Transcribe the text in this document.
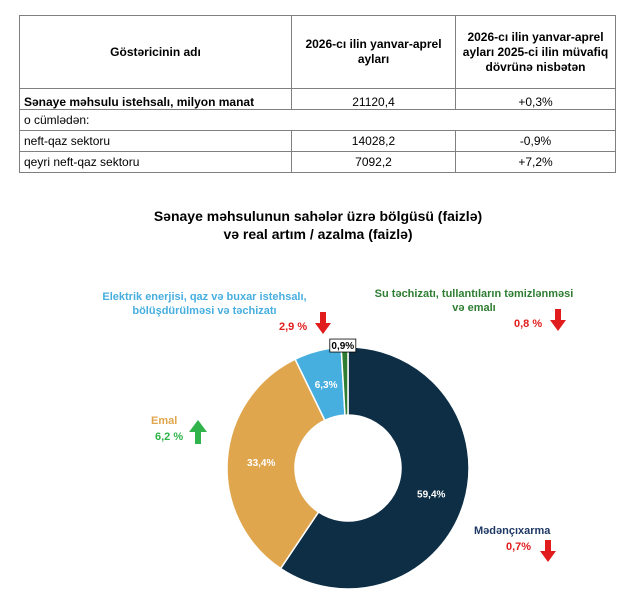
Göstəricinin adı	2026-cı ilin yanvar-aprel ayları	2026-cı ilin yanvar-aprel ayları 2025-ci ilin müvafiq dövrünə nisbətən
Sənaye məhsulu istehsalı, milyon manat	21120,4	+0,3%
o cümlədən:		
neft-qaz sektoru	14028,2	-0,9%
qeyri neft-qaz sektoru	7092,2	+7,2%
Sənaye məhsulunun sahələr üzrə bölgüsü (faizlə)
və real artım / azalma (faizlə)
59,4%
33,4%
6,3%
0,9%
Elektrik enerjisi, qaz və buxar istehsalı, bölüşdürülməsi və təchizatı
2,9 %
Su təchizatı, tullantıların təmizlənməsi və emalı
0,8 %
Emal
6,2 %
Mədənçıxarma
0,7%
